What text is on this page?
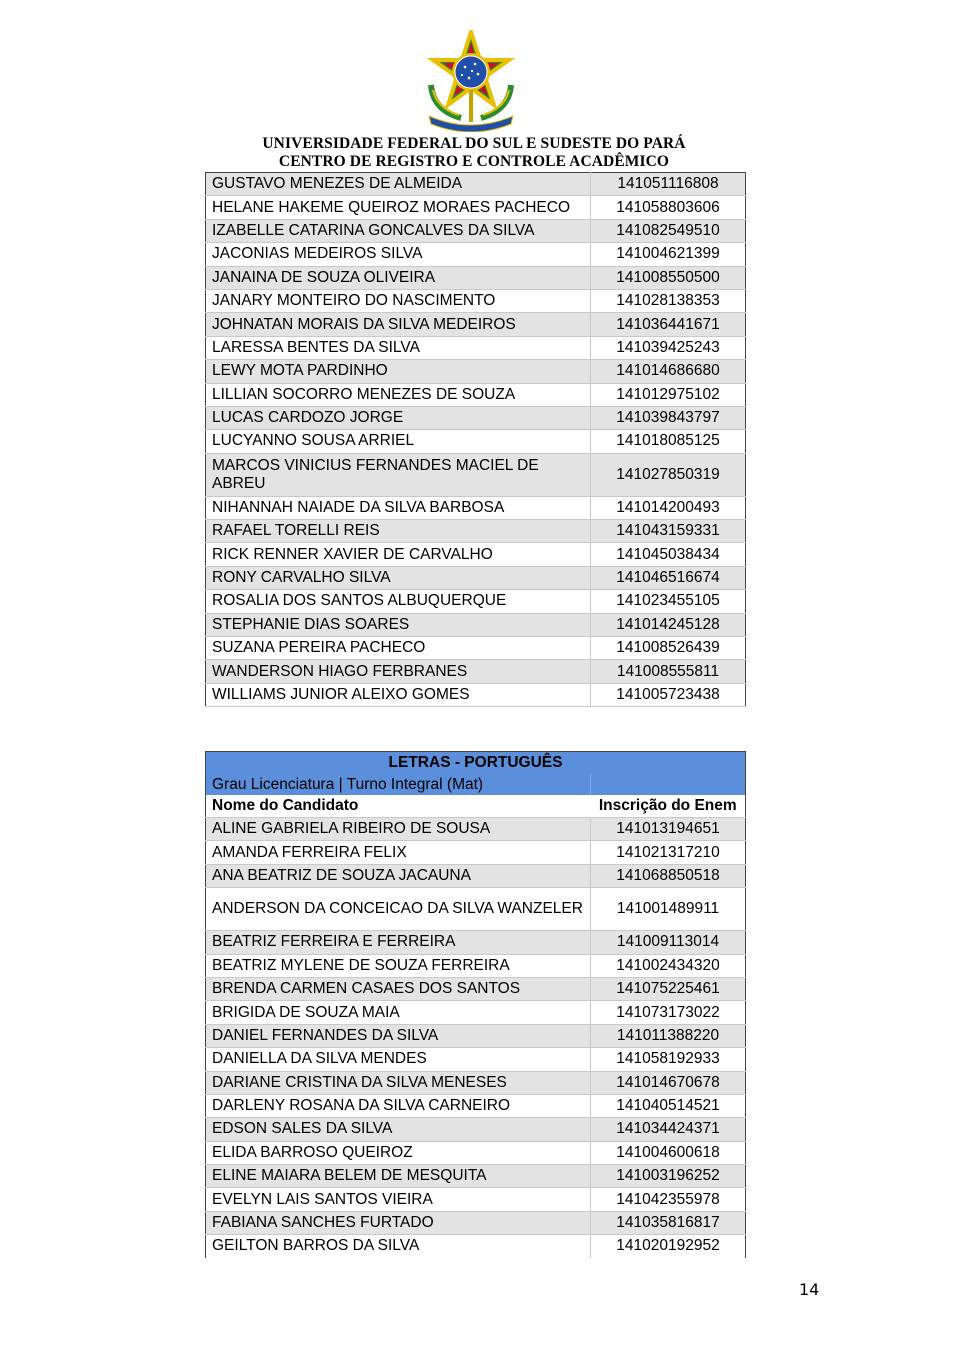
UNIVERSIDADE FEDERAL DO SUL E SUDESTE DO PARÁ
CENTRO DE REGISTRO E CONTROLE ACADÊMICO
GUSTAVO MENEZES DE ALMEIDA	141051116808
HELANE HAKEME QUEIROZ MORAES PACHECO	141058803606
IZABELLE CATARINA GONCALVES DA SILVA	141082549510
JACONIAS MEDEIROS SILVA	141004621399
JANAINA DE SOUZA OLIVEIRA	141008550500
JANARY MONTEIRO DO NASCIMENTO	141028138353
JOHNATAN MORAIS DA SILVA MEDEIROS	141036441671
LARESSA BENTES DA SILVA	141039425243
LEWY MOTA PARDINHO	141014686680
LILLIAN SOCORRO MENEZES DE SOUZA	141012975102
LUCAS CARDOZO JORGE	141039843797
LUCYANNO SOUSA ARRIEL	141018085125
MARCOS VINICIUS FERNANDES MACIEL DE ABREU	141027850319
NIHANNAH NAIADE DA SILVA BARBOSA	141014200493
RAFAEL TORELLI REIS	141043159331
RICK RENNER XAVIER DE CARVALHO	141045038434
RONY CARVALHO SILVA	141046516674
ROSALIA DOS SANTOS ALBUQUERQUE	141023455105
STEPHANIE DIAS SOARES	141014245128
SUZANA PEREIRA PACHECO	141008526439
WANDERSON HIAGO FERBRANES	141008555811
WILLIAMS JUNIOR ALEIXO GOMES	141005723438
LETRAS - PORTUGUÊS	
Grau Licenciatura | Turno Integral (Mat)	
Nome do Candidato	Inscrição do Enem
ALINE GABRIELA RIBEIRO DE SOUSA	141013194651
AMANDA FERREIRA FELIX	141021317210
ANA BEATRIZ DE SOUZA JACAUNA	141068850518
ANDERSON DA CONCEICAO DA SILVA WANZELER	141001489911
BEATRIZ FERREIRA E FERREIRA	141009113014
BEATRIZ MYLENE DE SOUZA FERREIRA	141002434320
BRENDA CARMEN CASAES DOS SANTOS	141075225461
BRIGIDA DE SOUZA MAIA	141073173022
DANIEL FERNANDES DA SILVA	141011388220
DANIELLA DA SILVA MENDES	141058192933
DARIANE CRISTINA DA SILVA MENESES	141014670678
DARLENY ROSANA DA SILVA CARNEIRO	141040514521
EDSON SALES DA SILVA	141034424371
ELIDA BARROSO QUEIROZ	141004600618
ELINE MAIARA BELEM DE MESQUITA	141003196252
EVELYN LAIS SANTOS VIEIRA	141042355978
FABIANA SANCHES FURTADO	141035816817
GEILTON BARROS DA SILVA	141020192952
14
